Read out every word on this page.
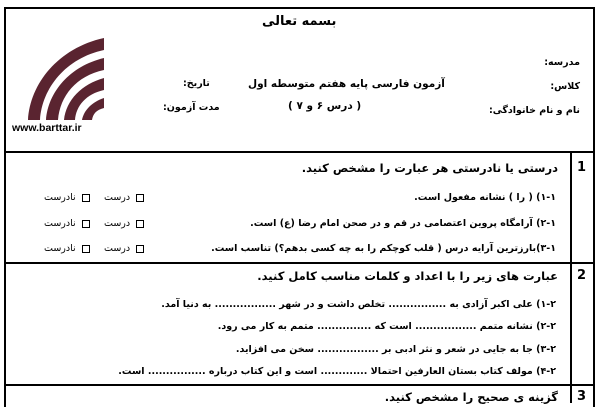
بسمه تعالی
مدرسه:
کلاس:
نام و نام خانوادگی:
آزمون فارسی پایه هفتم متوسطه اول
( درس ۶ و ۷ )
تاریخ:
مدت آزمون:
www.barttar.ir
1
درستی یا نادرستی هر عبارت را مشخص کنید.
۱-۱) ( را ) نشانه مفعول است.
۲-۱) آرامگاه پروین اعتصامی در قم و در صحن امام رضا (ع) است.
۳-۱)بارزترین آرایه درس ( قلب کوچکم را به چه کسی بدهم؟) تناسب است.
درست
نادرست
درست
نادرست
درست
نادرست
2
عبارت های زیر را با اعداد و کلمات مناسب کامل کنید.
۱-۲) علی اکبر آزادی به ................ تخلص داشت و در شهر ................. به دنیا آمد.
۲-۲) نشانه متمم ................. است که ............... متمم به کار می رود.
۳-۲) جا به جایی در شعر و نثر ادبی بر ................. سخن می افزاید.
۴-۲) مولف کتاب بستان العارفین احتمالا ............. است و این کتاب درباره ................ است.
3
گزینه ی صحیح را مشخص کنید.
